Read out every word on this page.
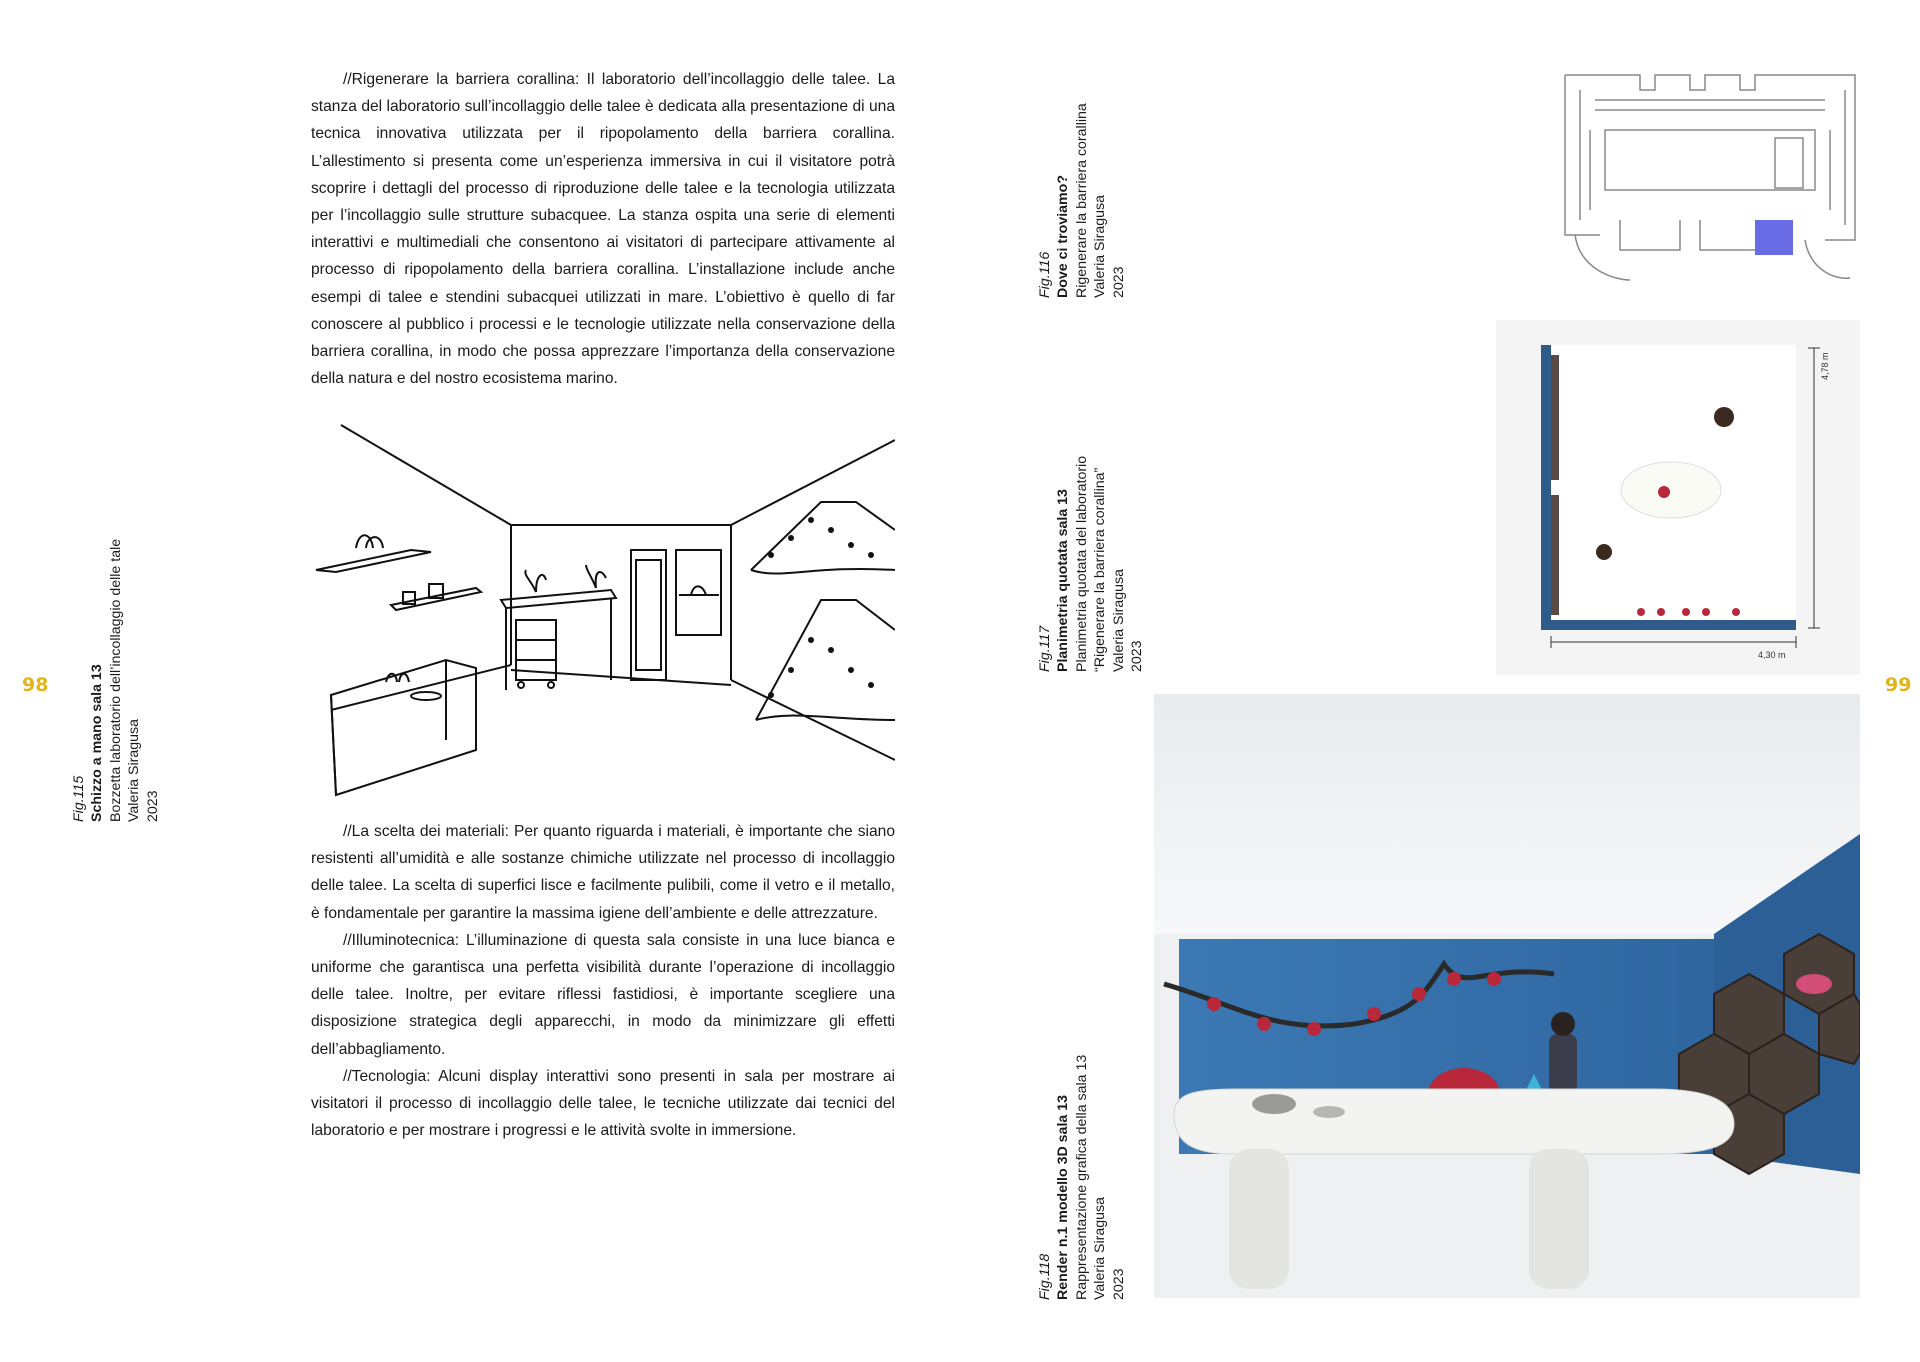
98	99

//Rigenerare la barriera corallina: Il laboratorio dell’incollaggio delle talee. La stanza del laboratorio sull’incollaggio delle talee è dedicata alla presentazione di una tecnica innovativa utilizzata per il ripopolamento della barriera corallina. L’allestimento si presenta come un’esperienza immersiva in cui il visitatore potrà scoprire i dettagli del processo di riproduzione delle talee e la tecnologia utilizzata per l’incollaggio sulle strutture subacquee. La stanza ospita una serie di elementi interattivi e multimediali che consentono ai visitatori di partecipare attivamente al processo di ripopolamento della barriera corallina. L’installazione include anche esempi di talee e stendini subacquei utilizzati in mare. L’obiettivo è quello di far conoscere al pubblico i processi e le tecnologie utilizzate nella conservazione della barriera corallina, in modo che possa apprezzare l’importanza della conservazione della natura e del nostro ecosistema marino.

//La scelta dei materiali: Per quanto riguarda i materiali, è importante che siano resistenti all’umidità e alle sostanze chimiche utilizzate nel processo di incollaggio delle talee. La scelta di superfici lisce e facilmente pulibili, come il vetro e il metallo, è fondamentale per garantire la massima igiene dell’ambiente e delle attrezzature.

//Illuminotecnica: L’illuminazione di questa sala consiste in una luce bianca e uniforme che garantisca una perfetta visibilità durante l’operazione di incollaggio delle talee. Inoltre, per evitare riflessi fastidiosi, è importante scegliere una disposizione strategica degli apparecchi, in modo da minimizzare gli effetti dell’abbagliamento.

//Tecnologia: Alcuni display interattivi sono presenti in sala per mostrare ai visitatori il processo di incollaggio delle talee, le tecniche utilizzate dai tecnici del laboratorio e per mostrare i progressi e le attività svolte in immersione.

Fig.115 Schizzo a mano sala 13 Bozzetta laboratorio dell’incollaggio delle tale Valeria Siragusa 2023
Fig.116 Dove ci troviamo? Rigenerare la barriera corallina Valeria Siragusa 2023
Fig.117 Planimetria quotata sala 13 Planimetria quotata del laboratorio “Rigenerare la barriera corallina” Valeria Siragusa 2023
Fig.118 Render n.1 modello 3D sala 13 Rappresentazione grafica della sala 13 Valeria Siragusa 2023
4,78 m
4,30 m
